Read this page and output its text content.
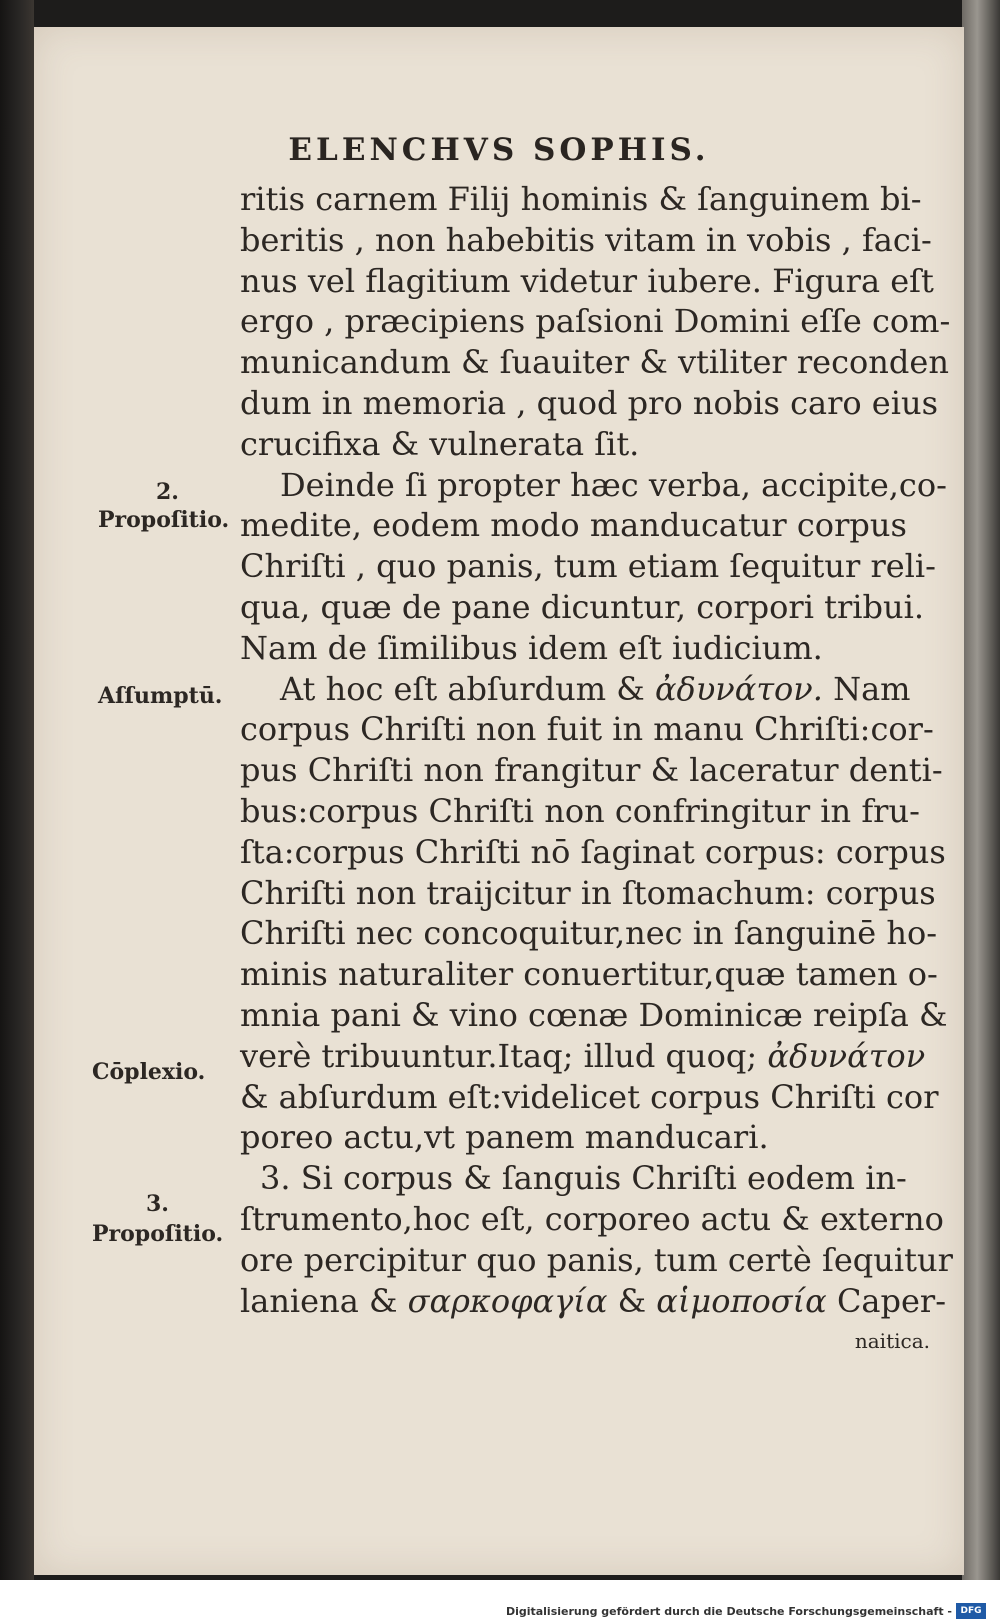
ELENCHVS SOPHIS.
2.
Propoſitio.
Aſſumptū.
Cōplexio.
3.
Propoſitio.
ritis carnem Filij hominis & ſanguinem bi-
beritis , non habebitis vitam in vobis , faci-
nus vel flagitium videtur iubere. Figura eſt
ergo , præcipiens paſsioni Domini eſſe com-
municandum & ſuauiter & vtiliter reconden
dum in memoria , quod pro nobis caro eius
crucifixa & vulnerata ſit.
Deinde ſi propter hæc verba, accipite,co-
medite, eodem modo manducatur corpus
Chriſti , quo panis, tum etiam ſequitur reli-
qua, quæ de pane dicuntur, corpori tribui.
Nam de ſimilibus idem eſt iudicium.
At hoc eſt abſurdum & ἀδυνάτον. Nam
corpus Chriſti non fuit in manu Chriſti:cor-
pus Chriſti non frangitur & laceratur denti-
bus:corpus Chriſti non confringitur in fru-
ſta:corpus Chriſti nō ſaginat corpus: corpus
Chriſti non traijcitur in ſtomachum: corpus
Chriſti nec concoquitur,nec in ſanguinē ho-
minis naturaliter conuertitur,quæ tamen o-
mnia pani & vino cœnæ Dominicæ reipſa &
verè tribuuntur.Itaq; illud quoq; ἀδυνάτον
& abſurdum eſt:videlicet corpus Chriſti cor
poreo actu,vt panem manducari.
3. Si corpus & ſanguis Chriſti eodem in-
ſtrumento,hoc eſt, corporeo actu & externo
ore percipitur quo panis, tum certè ſequitur
laniena & σαρκοφαγία & αἱμοποσία Caper-
naitica.
Digitalisierung gefördert durch die Deutsche Forschungsgemeinschaft - DFG
